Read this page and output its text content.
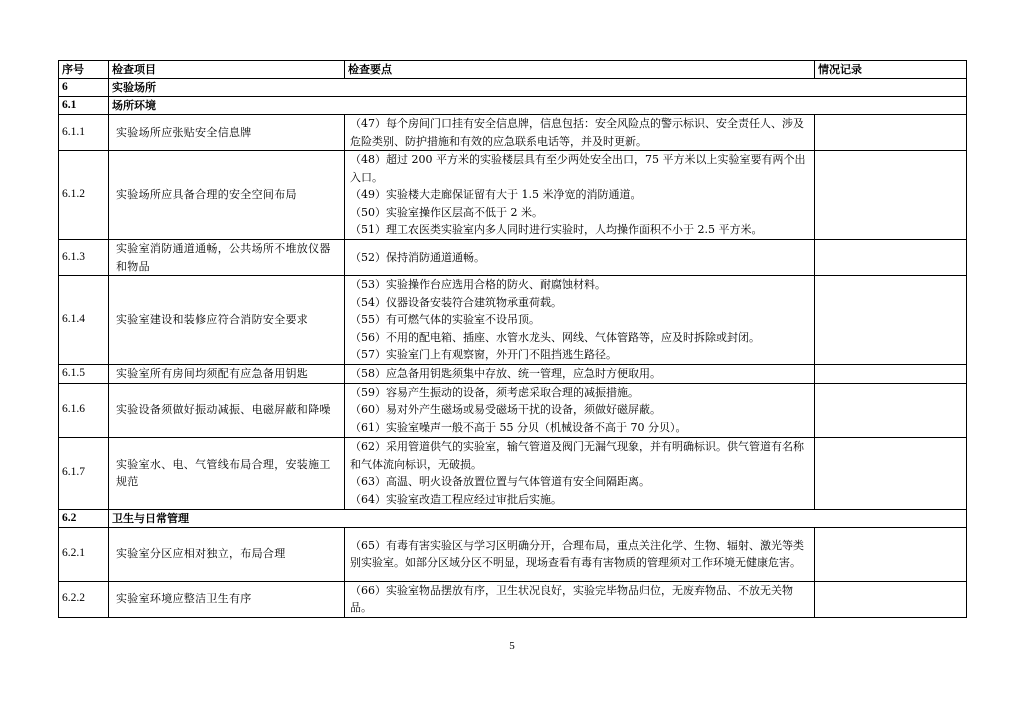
序号	检查项目	检查要点	情况记录
6	实验场所		
6.1	场所环境		
6.1.1	实验场所应张贴安全信息牌	（47）每个房间门口挂有安全信息牌，信息包括：安全风险点的警示标识、安全责任人、涉及危险类别、防护措施和有效的应急联系电话等，并及时更新。	

6.1.2	实验场所应具备合理的安全空间布局	（48）超过 200 平方米的实验楼层具有至少两处安全出口，75 平方米以上实验室要有两个出入口。
（49）实验楼大走廊保证留有大于 1.5 米净宽的消防通道。
（50）实验室操作区层高不低于 2 米。
（51）理工农医类实验室内多人同时进行实验时，人均操作面积不小于 2.5 平方米。	

6.1.3	实验室消防通道通畅，公共场所不堆放仪器和物品	（52）保持消防通道通畅。	

6.1.4	实验室建设和装修应符合消防安全要求	（53）实验操作台应选用合格的防火、耐腐蚀材料。
（54）仪器设备安装符合建筑物承重荷载。
（55）有可燃气体的实验室不设吊顶。
（56）不用的配电箱、插座、水管水龙头、网线、气体管路等，应及时拆除或封闭。
（57）实验室门上有观察窗，外开门不阻挡逃生路径。	

6.1.5	实验室所有房间均须配有应急备用钥匙	（58）应急备用钥匙须集中存放、统一管理，应急时方便取用。	

6.1.6	实验设备须做好振动减振、电磁屏蔽和降噪	（59）容易产生振动的设备，须考虑采取合理的减振措施。
（60）易对外产生磁场或易受磁场干扰的设备，须做好磁屏蔽。
（61）实验室噪声一般不高于 55 分贝（机械设备不高于 70 分贝）。	

6.1.7	实验室水、电、气管线布局合理，安装施工规范	（62）采用管道供气的实验室，输气管道及阀门无漏气现象，并有明确标识。供气管道有名称和气体流向标识，无破损。
（63）高温、明火设备放置位置与气体管道有安全间隔距离。
（64）实验室改造工程应经过审批后实施。	

6.2	卫生与日常管理		
6.2.1	实验室分区应相对独立，布局合理	（65）有毒有害实验区与学习区明确分开，合理布局，重点关注化学、生物、辐射、激光等类别实验室。如部分区域分区不明显，现场查看有毒有害物质的管理须对工作环境无健康危害。	

6.2.2	实验室环境应整洁卫生有序	（66）实验室物品摆放有序，卫生状况良好，实验完毕物品归位，无废弃物品、不放无关物品。	

5
